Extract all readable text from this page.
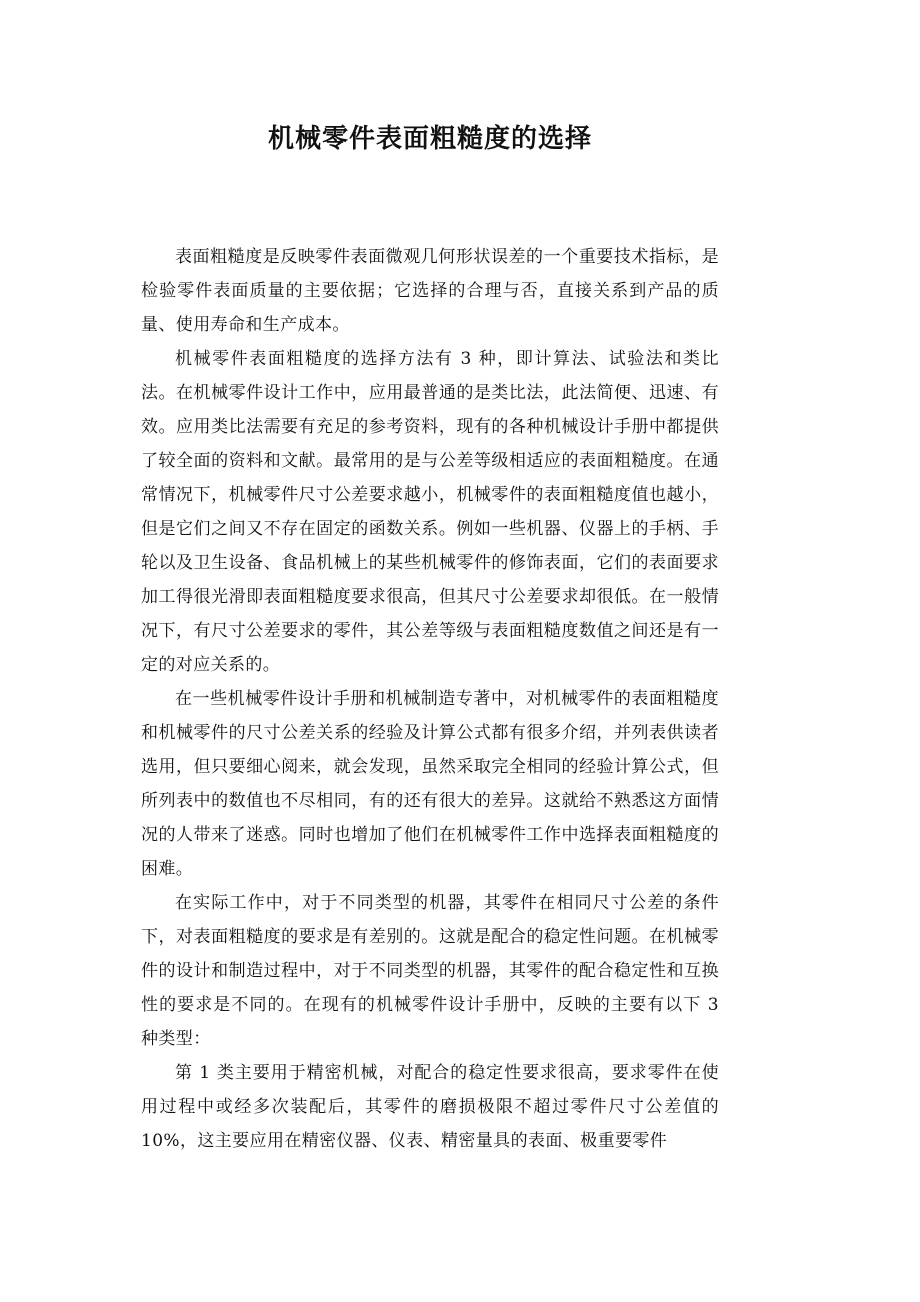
机械零件表面粗糙度的选择

表面粗糙度是反映零件表面微观几何形状误差的一个重要技术指标，是检验零件表面质量的主要依据；它选择的合理与否，直接关系到产品的质量、使用寿命和生产成本。

机械零件表面粗糙度的选择方法有 3 种，即计算法、试验法和类比法。在机械零件设计工作中，应用最普通的是类比法，此法简便、迅速、有效。应用类比法需要有充足的参考资料，现有的各种机械设计手册中都提供了较全面的资料和文献。最常用的是与公差等级相适应的表面粗糙度。在通常情况下，机械零件尺寸公差要求越小，机械零件的表面粗糙度值也越小，但是它们之间又不存在固定的函数关系。例如一些机器、仪器上的手柄、手轮以及卫生设备、食品机械上的某些机械零件的修饰表面，它们的表面要求加工得很光滑即表面粗糙度要求很高，但其尺寸公差要求却很低。在一般情况下，有尺寸公差要求的零件，其公差等级与表面粗糙度数值之间还是有一定的对应关系的。

在一些机械零件设计手册和机械制造专著中，对机械零件的表面粗糙度和机械零件的尺寸公差关系的经验及计算公式都有很多介绍，并列表供读者选用，但只要细心阅来，就会发现，虽然采取完全相同的经验计算公式，但所列表中的数值也不尽相同，有的还有很大的差异。这就给不熟悉这方面情况的人带来了迷惑。同时也增加了他们在机械零件工作中选择表面粗糙度的困难。

在实际工作中，对于不同类型的机器，其零件在相同尺寸公差的条件下，对表面粗糙度的要求是有差别的。这就是配合的稳定性问题。在机械零件的设计和制造过程中，对于不同类型的机器，其零件的配合稳定性和互换性的要求是不同的。在现有的机械零件设计手册中，反映的主要有以下 3 种类型：

第 1 类主要用于精密机械，对配合的稳定性要求很高，要求零件在使用过程中或经多次装配后，其零件的磨损极限不超过零件尺寸公差值的 10%，这主要应用在精密仪器、仪表、精密量具的表面、极重要零件
